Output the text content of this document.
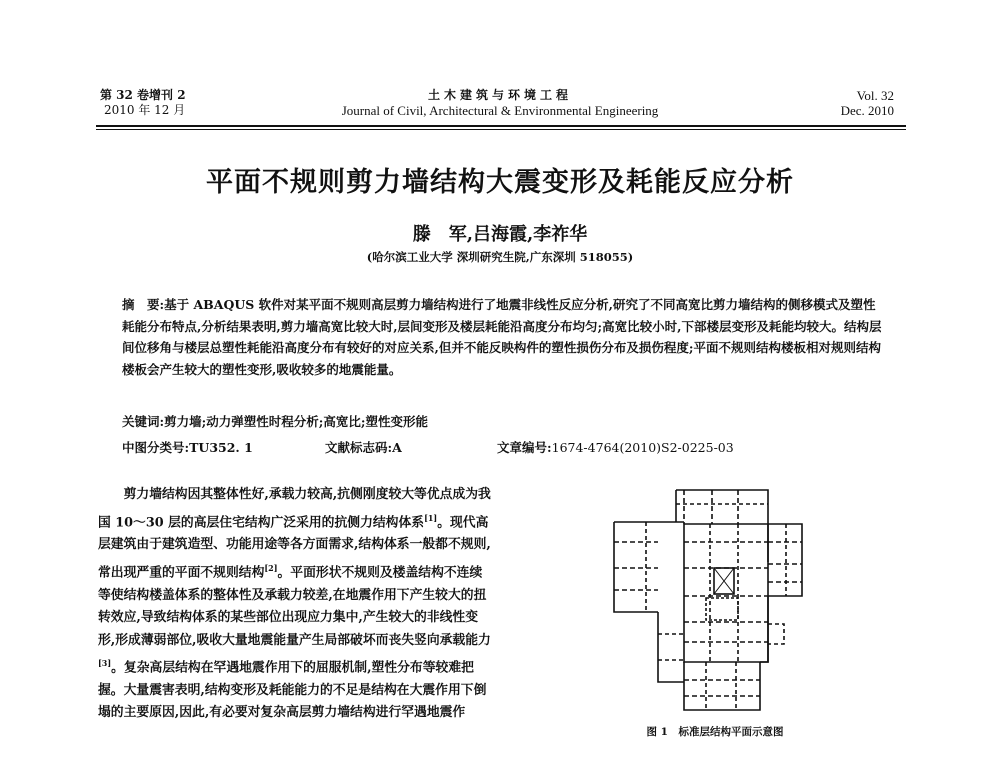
第 32 卷增刊 2
2010 年 12 月
土木建筑与环境工程
Journal of Civil, Architectural & Environmental Engineering
Vol. 32
Dec. 2010
平面不规则剪力墙结构大震变形及耗能反应分析
滕　军,吕海霞,李祚华
(哈尔滨工业大学 深圳研究生院,广东深圳 518055)
摘　要:基于 ABAQUS 软件对某平面不规则高层剪力墙结构进行了地震非线性反应分析,研究了不同高宽比剪力墙结构的侧移模式及塑性耗能分布特点,分析结果表明,剪力墙高宽比较大时,层间变形及楼层耗能沿高度分布均匀;高宽比较小时,下部楼层变形及耗能均较大。结构层间位移角与楼层总塑性耗能沿高度分布有较好的对应关系,但并不能反映构件的塑性损伤分布及损伤程度;平面不规则结构楼板相对规则结构楼板会产生较大的塑性变形,吸收较多的地震能量。
关键词:剪力墙;动力弹塑性时程分析;高宽比;塑性变形能
中图分类号:TU352. 1	文献标志码:A	文章编号:1674-4764(2010)S2-0225-03
　　剪力墙结构因其整体性好,承载力较高,抗侧刚度较大等优点成为我国 10～30 层的高层住宅结构广泛采用的抗侧力结构体系[1]。现代高层建筑由于建筑造型、功能用途等各方面需求,结构体系一般都不规则,常出现严重的平面不规则结构[2]。平面形状不规则及楼盖结构不连续等使结构楼盖体系的整体性及承载力较差,在地震作用下产生较大的扭转效应,导致结构体系的某些部位出现应力集中,产生较大的非线性变形,形成薄弱部位,吸收大量地震能量产生局部破坏而丧失竖向承载能力[3]。复杂高层结构在罕遇地震作用下的屈服机制,塑性分布等较难把握。大量震害表明,结构变形及耗能能力的不足是结构在大震作用下倒塌的主要原因,因此,有必要对复杂高层剪力墙结构进行罕遇地震作
图 1　标准层结构平面示意图
